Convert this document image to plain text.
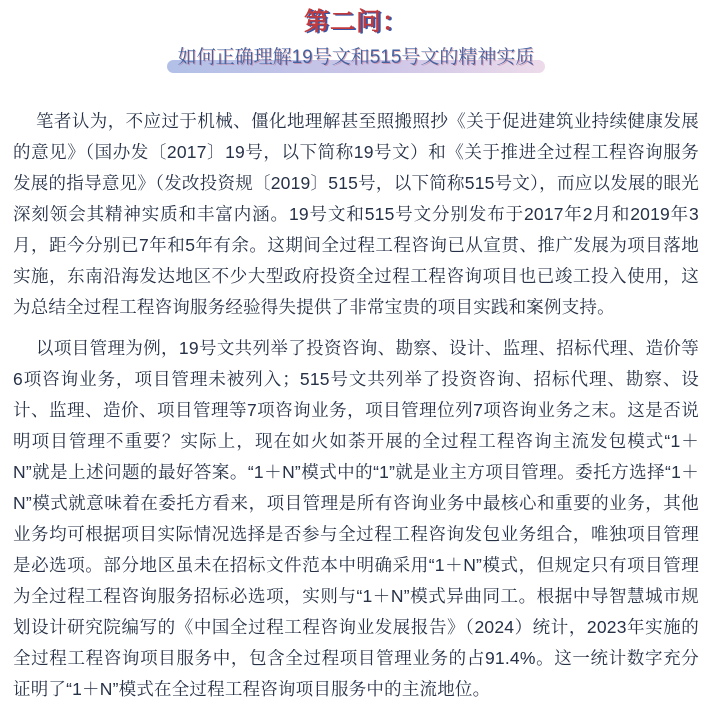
第二问：
如何正确理解19号文和515号文的精神实质

笔者认为，不应过于机械、僵化地理解甚至照搬照抄《关于促进建筑业持续健康发展的意见》（国办发〔2017〕19号，以下简称19号文）和《关于推进全过程工程咨询服务发展的指导意见》（发改投资规〔2019〕515号，以下简称515号文），而应以发展的眼光深刻领会其精神实质和丰富内涵。19号文和515号文分别发布于2017年2月和2019年3月，距今分别已7年和5年有余。这期间全过程工程咨询已从宣贯、推广发展为项目落地实施，东南沿海发达地区不少大型政府投资全过程工程咨询项目也已竣工投入使用，这为总结全过程工程咨询服务经验得失提供了非常宝贵的项目实践和案例支持。

以项目管理为例，19号文共列举了投资咨询、勘察、设计、监理、招标代理、造价等6项咨询业务，项目管理未被列入；515号文共列举了投资咨询、招标代理、勘察、设计、监理、造价、项目管理等7项咨询业务，项目管理位列7项咨询业务之末。这是否说明项目管理不重要？实际上，现在如火如荼开展的全过程工程咨询主流发包模式“1＋N”就是上述问题的最好答案。“1＋N”模式中的“1”就是业主方项目管理。委托方选择“1＋N”模式就意味着在委托方看来，项目管理是所有咨询业务中最核心和重要的业务，其他业务均可根据项目实际情况选择是否参与全过程工程咨询发包业务组合，唯独项目管理是必选项。部分地区虽未在招标文件范本中明确采用“1＋N”模式，但规定只有项目管理为全过程工程咨询服务招标必选项，实则与“1＋N”模式异曲同工。根据中导智慧城市规划设计研究院编写的《中国全过程工程咨询业发展报告》（2024）统计，2023年实施的全过程工程咨询项目服务中，包含全过程项目管理业务的占91.4%。这一统计数字充分证明了“1＋N”模式在全过程工程咨询项目服务中的主流地位。
